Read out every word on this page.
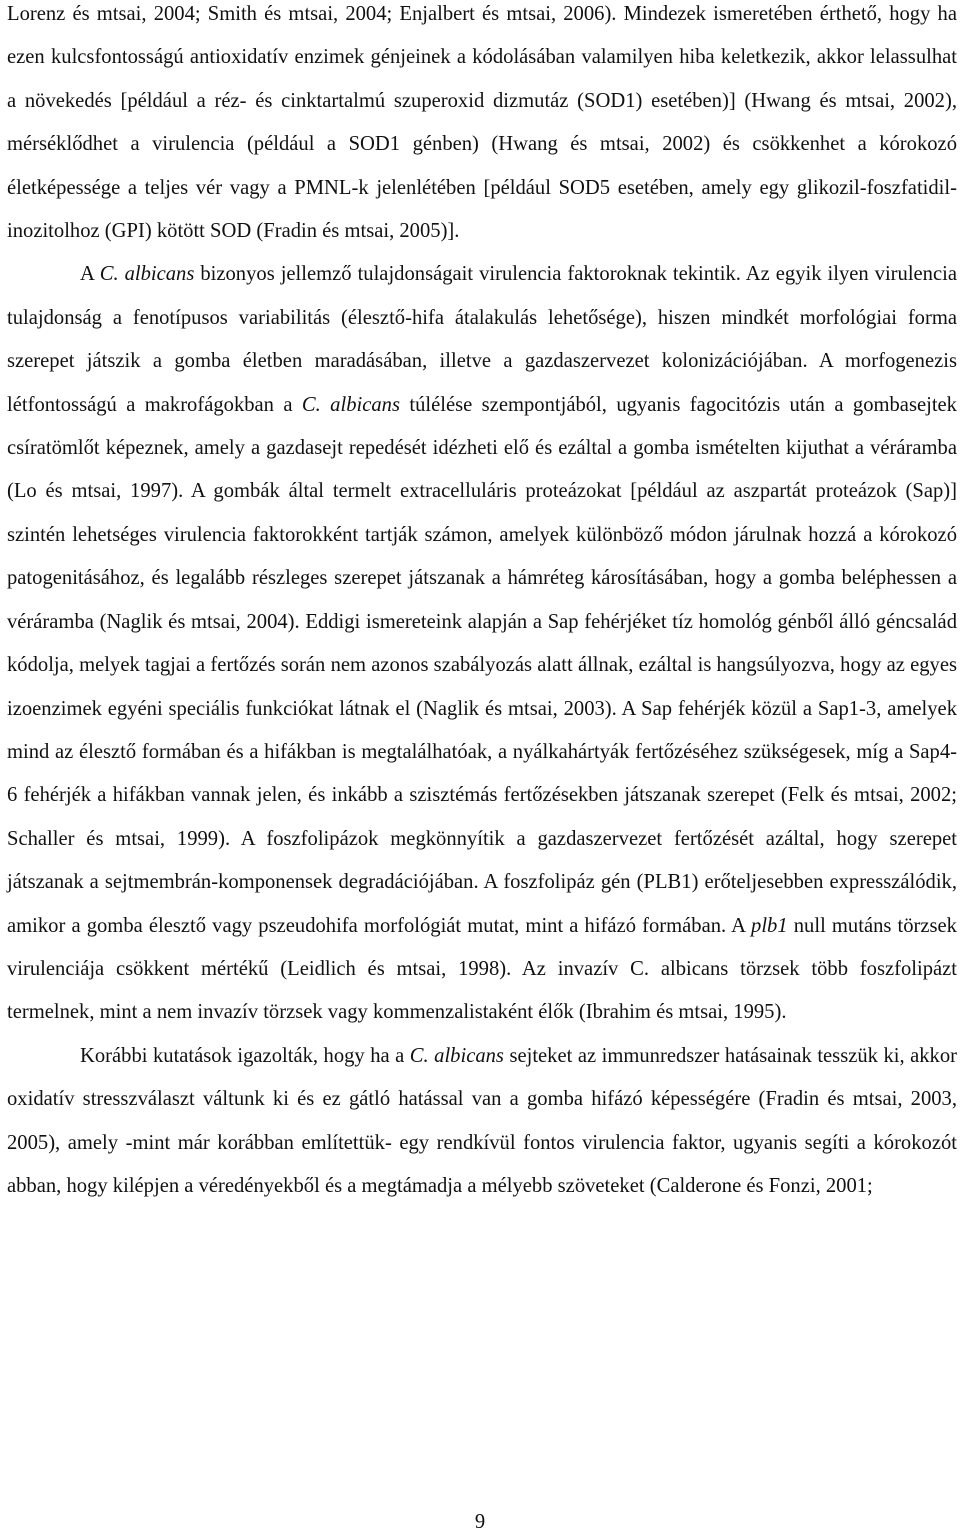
Lorenz és mtsai, 2004; Smith és mtsai, 2004; Enjalbert és mtsai, 2006). Mindezek ismeretében érthető, hogy ha ezen kulcsfontosságú antioxidatív enzimek génjeinek a kódolásában valamilyen hiba keletkezik, akkor lelassulhat a növekedés [például a réz- és cinktartalmú szuperoxid dizmutáz (SOD1) esetében)] (Hwang és mtsai, 2002), mérséklődhet a virulencia (például a SOD1 génben) (Hwang és mtsai, 2002) és csökkenhet a kórokozó életképessége a teljes vér vagy a PMNL-k jelenlétében [például SOD5 esetében, amely egy glikozil-foszfatidil-inozitolhoz (GPI) kötött SOD (Fradin és mtsai, 2005)].

A C. albicans bizonyos jellemző tulajdonságait virulencia faktoroknak tekintik. Az egyik ilyen virulencia tulajdonság a fenotípusos variabilitás (élesztő-hifa átalakulás lehetősége), hiszen mindkét morfológiai forma szerepet játszik a gomba életben maradásában, illetve a gazdaszervezet kolonizációjában. A morfogenezis létfontosságú a makrofágokban a C. albicans túlélése szempontjából, ugyanis fagocitózis után a gombasejtek csíratömlőt képeznek, amely a gazdasejt repedését idézheti elő és ezáltal a gomba ismételten kijuthat a véráramba (Lo és mtsai, 1997). A gombák által termelt extracelluláris proteázokat [például az aszpartát proteázok (Sap)] szintén lehetséges virulencia faktorokként tartják számon, amelyek különböző módon járulnak hozzá a kórokozó patogenitásához, és legalább részleges szerepet játszanak a hámréteg károsításában, hogy a gomba beléphessen a véráramba (Naglik és mtsai, 2004). Eddigi ismereteink alapján a Sap fehérjéket tíz homológ génből álló géncsalád kódolja, melyek tagjai a fertőzés során nem azonos szabályozás alatt állnak, ezáltal is hangsúlyozva, hogy az egyes izoenzimek egyéni speciális funkciókat látnak el (Naglik és mtsai, 2003). A Sap fehérjék közül a Sap1-3, amelyek mind az élesztő formában és a hifákban is megtalálhatóak, a nyálkahártyák fertőzéséhez szükségesek, míg a Sap4-6 fehérjék a hifákban vannak jelen, és inkább a szisztémás fertőzésekben játszanak szerepet (Felk és mtsai, 2002; Schaller és mtsai, 1999). A foszfolipázok megkönnyítik a gazdaszervezet fertőzését azáltal, hogy szerepet játszanak a sejtmembrán-komponensek degradációjában. A foszfolipáz gén (PLB1) erőteljesebben expresszálódik, amikor a gomba élesztő vagy pszeudohifa morfológiát mutat, mint a hifázó formában. A plb1 null mutáns törzsek virulenciája csökkent mértékű (Leidlich és mtsai, 1998). Az invazív C. albicans törzsek több foszfolipázt termelnek, mint a nem invazív törzsek vagy kommenzalistaként élők (Ibrahim és mtsai, 1995).

Korábbi kutatások igazolták, hogy ha a C. albicans sejteket az immunredszer hatásainak tesszük ki, akkor oxidatív stresszválaszt váltunk ki és ez gátló hatással van a gomba hifázó képességére (Fradin és mtsai, 2003, 2005), amely -mint már korábban említettük- egy rendkívül fontos virulencia faktor, ugyanis segíti a kórokozót abban, hogy kilépjen a véredényekből és a megtámadja a mélyebb szöveteket (Calderone és Fonzi, 2001;

9
